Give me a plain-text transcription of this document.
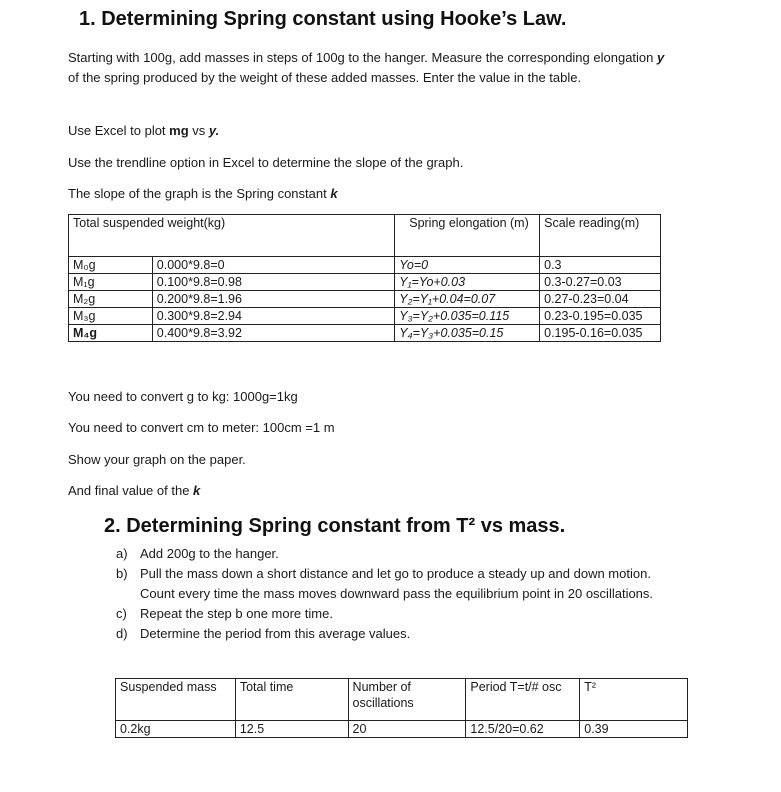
1. Determining Spring constant using Hooke’s Law.

Starting with 100g, add masses in steps of 100g to the hanger. Measure the corresponding elongation y of the spring produced by the weight of these added masses. Enter the value in the table.

Use Excel to plot mg vs y.

Use the trendline option in Excel to determine the slope of the graph.

The slope of the graph is the Spring constant k

Total suspended weight(kg)		Spring elongation (m)	Scale reading(m)
M₀g	0.000*9.8=0	Yo=0	0.3
M₁g	0.100*9.8=0.98	Y₁=Yo+0.03	0.3-0.27=0.03
M₂g	0.200*9.8=1.96	Y₂=Y₁+0.04=0.07	0.27-0.23=0.04
M₃g	0.300*9.8=2.94	Y₃=Y₂+0.035=0.115	0.23-0.195=0.035
M₄g	0.400*9.8=3.92	Y₄=Y₃+0.035=0.15	0.195-0.16=0.035

You need to convert g to kg: 1000g=1kg

You need to convert cm to meter: 100cm =1 m

Show your graph on the paper.

And final value of the k

2. Determining Spring constant from T² vs mass.
a) Add 200g to the hanger.
b) Pull the mass down a short distance and let go to produce a steady up and down motion. Count every time the mass moves downward pass the equilibrium point in 20 oscillations.
c) Repeat the step b one more time.
d) Determine the period from this average values.
Suspended mass	Total time	Number of oscillations	Period T=t/# osc	T²
0.2kg	12.5	20	12.5/20=0.62	0.39
